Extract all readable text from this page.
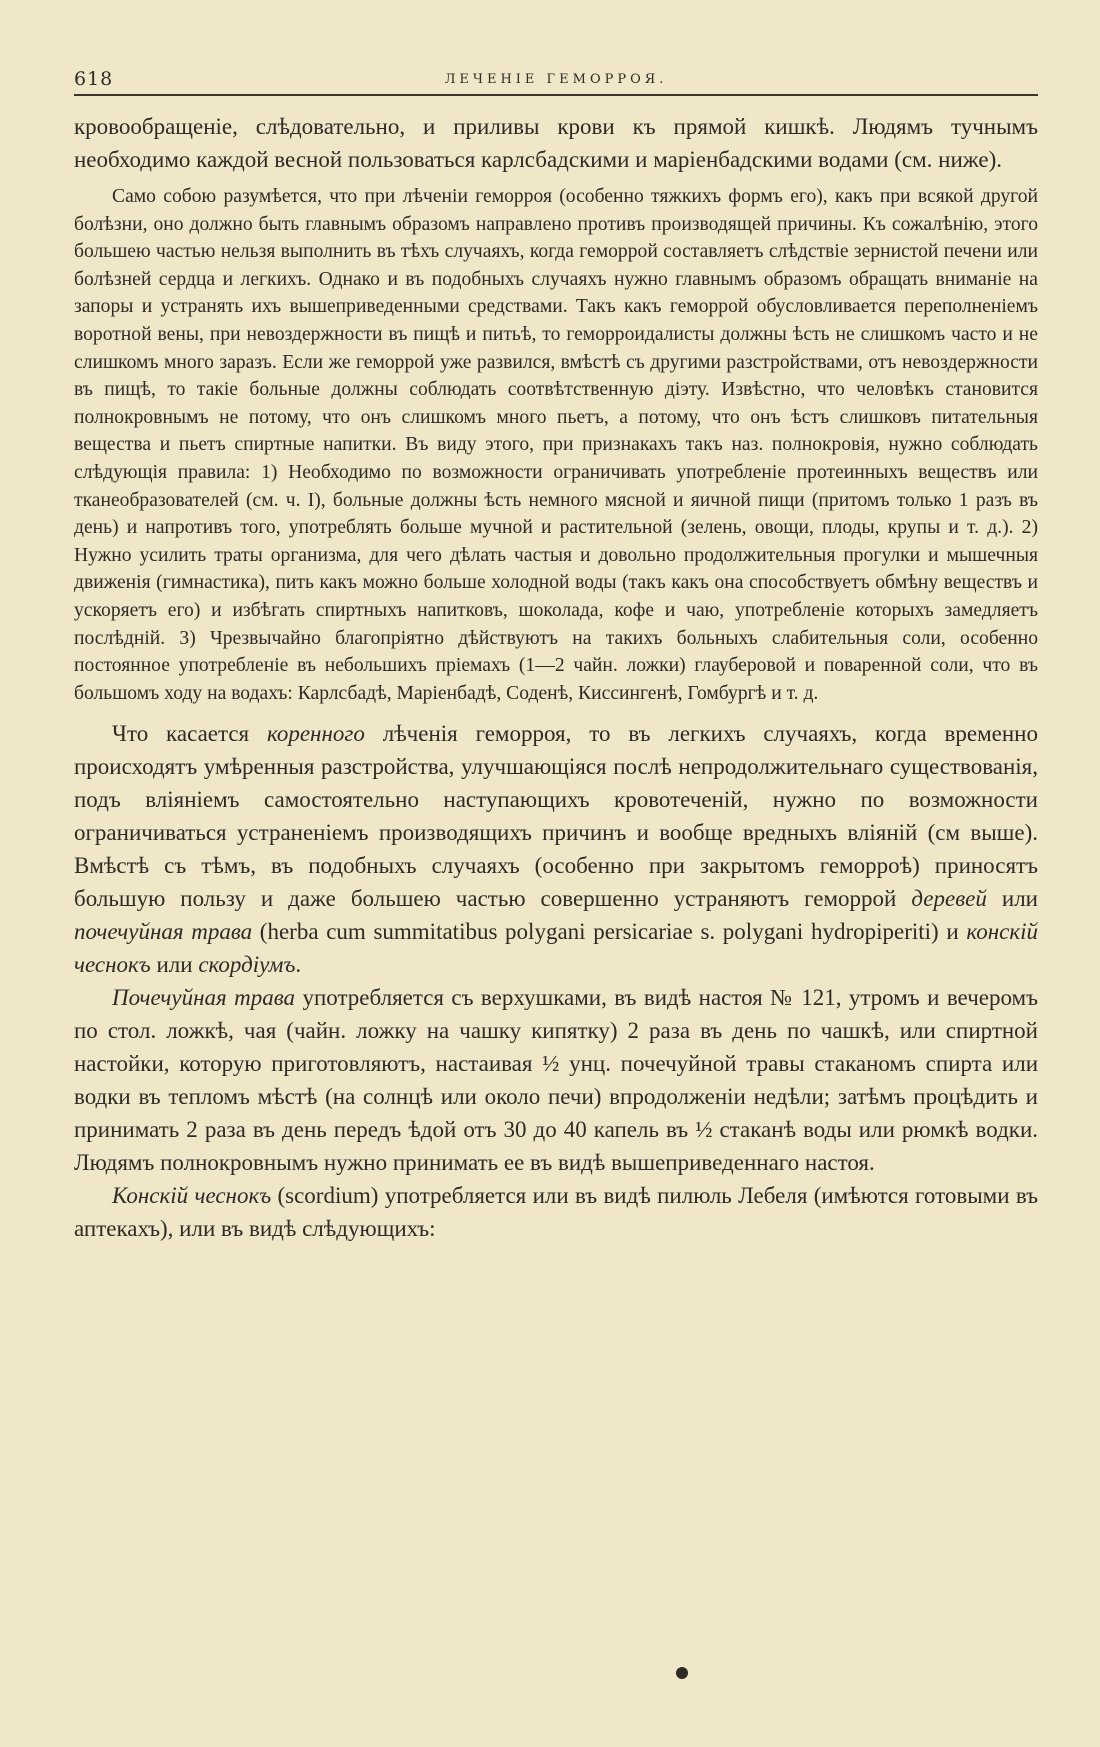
618	ЛЕЧЕНІЕ ГЕМОРРОЯ.

кровообращеніе, слѣдовательно, и приливы крови къ прямой кишкѣ. Людямъ тучнымъ необходимо каждой весной пользоваться карлсбадскими и маріенбадскими водами (см. ниже).

Само собою разумѣется, что при лѣченіи геморроя (особенно тяжкихъ формъ его), какъ при всякой другой болѣзни, оно должно быть главнымъ образомъ направлено противъ производящей причины. Къ сожалѣнію, этого большею частью нельзя выполнить въ тѣхъ случаяхъ, когда геморрой составляетъ слѣдствіе зернистой печени или болѣзней сердца и легкихъ. Однако и въ подобныхъ случаяхъ нужно главнымъ образомъ обращать вниманіе на запоры и устранять ихъ вышеприведенными средствами. Такъ какъ геморрой обусловливается переполненіемъ воротной вены, при невоздержности въ пищѣ и питьѣ, то геморроидалисты должны ѣсть не слишкомъ часто и не слишкомъ много заразъ. Если же геморрой уже развился, вмѣстѣ съ другими разстройствами, отъ невоздержности въ пищѣ, то такіе больные должны соблюдать соотвѣтственную діэту. Извѣстно, что человѣкъ становится полнокровнымъ не потому, что онъ слишкомъ много пьетъ, а потому, что онъ ѣстъ слишковъ питательныя вещества и пьетъ спиртные напитки. Въ виду этого, при признакахъ такъ наз. полнокровія, нужно соблюдать слѣдующія правила: 1) Необходимо по возможности ограничивать употребленіе протеинныхъ веществъ или тканеобразователей (см. ч. I), больные должны ѣсть немного мясной и яичной пищи (притомъ только 1 разъ въ день) и напротивъ того, употреблять больше мучной и растительной (зелень, овощи, плоды, крупы и т. д.). 2) Нужно усилить траты организма, для чего дѣлать частыя и довольно продолжительныя прогулки и мышечныя движенія (гимнастика), пить какъ можно больше холодной воды (такъ какъ она способствуетъ обмѣну веществъ и ускоряетъ его) и избѣгать спиртныхъ напитковъ, шоколада, кофе и чаю, употребленіе которыхъ замедляетъ послѣдній. 3) Чрезвычайно благопріятно дѣйствуютъ на такихъ больныхъ слабительныя соли, особенно постоянное употребленіе въ небольшихъ пріемахъ (1—2 чайн. ложки) глауберовой и поваренной соли, что въ большомъ ходу на водахъ: Карлсбадѣ, Маріенбадѣ, Соденѣ, Киссингенѣ, Гомбургѣ и т. д.

Что касается коренного лѣченія геморроя, то въ легкихъ случаяхъ, когда временно происходятъ умѣренныя разстройства, улучшающіяся послѣ непродолжительнаго существованія, подъ вліяніемъ самостоятельно наступающихъ кровотеченій, нужно по возможности ограничиваться устраненіемъ производящихъ причинъ и вообще вредныхъ вліяній (см выше). Вмѣстѣ съ тѣмъ, въ подобныхъ случаяхъ (особенно при закрытомъ геморроѣ) приносятъ большую пользу и даже большею частью совершенно устраняютъ геморрой деревей или почечуйная трава (herba cum summitatibus polygani persicariae s. polygani hydropiperiti) и конскій чеснокъ или скордіумъ.

Почечуйная трава употребляется съ верхушками, въ видѣ настоя № 121, утромъ и вечеромъ по стол. ложкѣ, чая (чайн. ложку на чашку кипятку) 2 раза въ день по чашкѣ, или спиртной настойки, которую приготовляютъ, настаивая ½ унц. почечуйной травы стаканомъ спирта или водки въ тепломъ мѣстѣ (на солнцѣ или около печи) впродолженіи недѣли; затѣмъ процѣдить и принимать 2 раза въ день передъ ѣдой отъ 30 до 40 капель въ ½ стаканѣ воды или рюмкѣ водки. Людямъ полнокровнымъ нужно принимать ее въ видѣ вышеприведеннаго настоя.

Конскій чеснокъ (scordium) употребляется или въ видѣ пилюль Лебеля (имѣются готовыми въ аптекахъ), или въ видѣ слѣдующихъ:
